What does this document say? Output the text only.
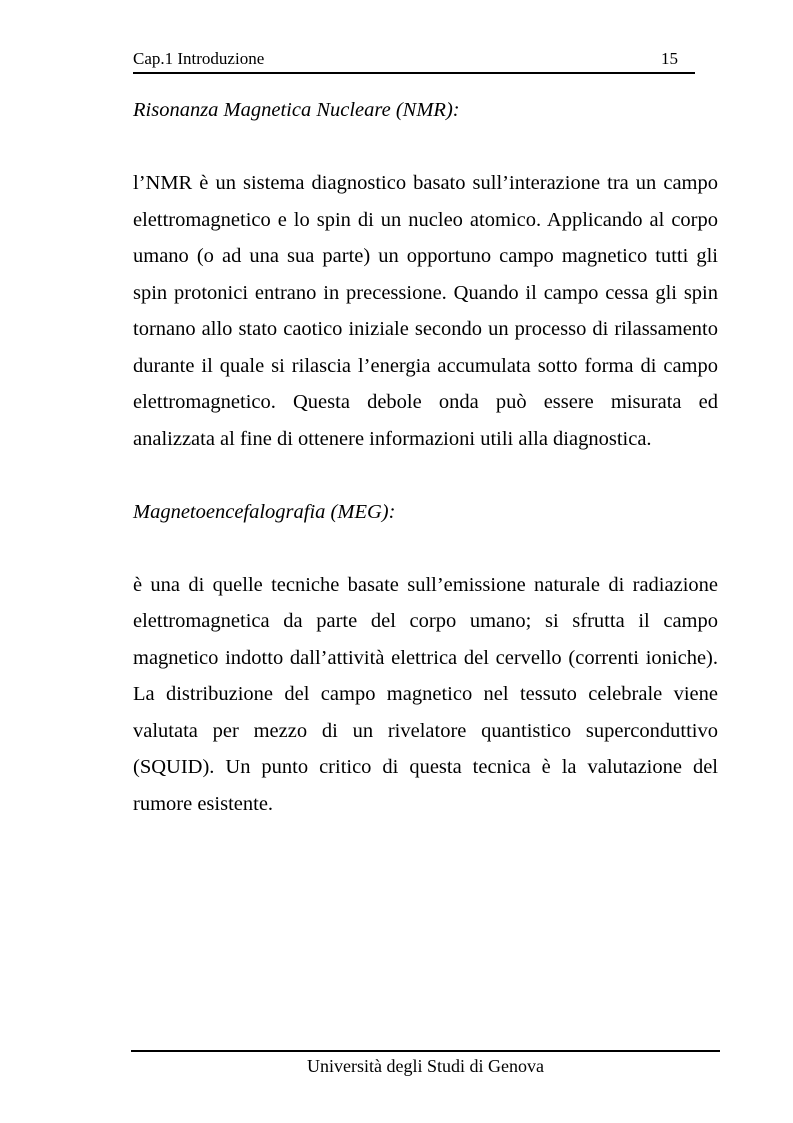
Cap.1 Introduzione	15

Risonanza Magnetica Nucleare (NMR):

l’NMR è un sistema diagnostico basato sull’interazione tra un campo elettromagnetico e lo spin di un nucleo atomico. Applicando al corpo umano (o ad una sua parte) un opportuno campo magnetico tutti gli spin protonici entrano in precessione. Quando il campo cessa gli spin tornano allo stato caotico iniziale secondo un processo di rilassamento durante il quale si rilascia l’energia accumulata sotto forma di campo elettromagnetico. Questa debole onda può essere misurata ed analizzata al fine di ottenere informazioni utili alla diagnostica.

Magnetoencefalografia (MEG):

è una di quelle tecniche basate sull’emissione naturale di radiazione elettromagnetica da parte del corpo umano; si sfrutta il campo magnetico indotto dall’attività elettrica del cervello (correnti ioniche). La distribuzione del campo magnetico nel tessuto celebrale viene valutata per mezzo di un rivelatore quantistico superconduttivo (SQUID). Un punto critico di questa tecnica è la valutazione del rumore esistente.

Università degli Studi di Genova
